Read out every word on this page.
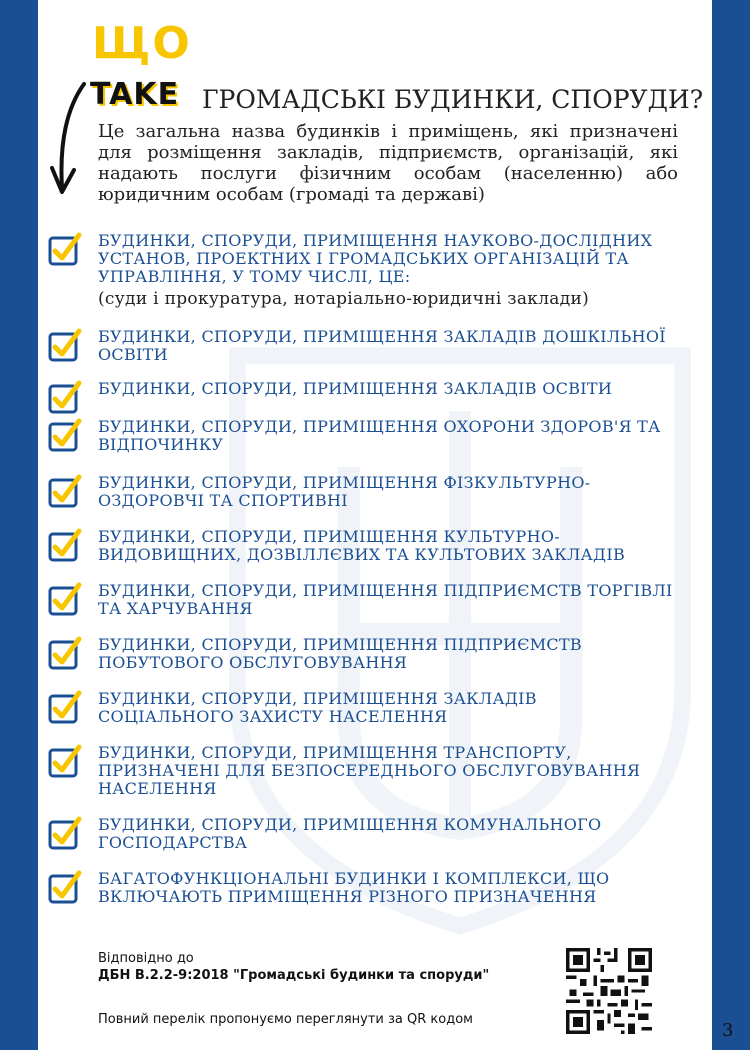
ЩО
TAKE ГРОМАДСЬКІ БУДИНКИ, СПОРУДИ?
Це загальна назва будинків і приміщень, які призначені для розміщення закладів, підприємств, організацій, які надають послуги фізичним особам (населенню) або юридичним особам (громаді та державі)
БУДИНКИ, СПОРУДИ, ПРИМІЩЕННЯ НАУКОВО-ДОСЛІДНИХ УСТАНОВ, ПРОЕКТНИХ І ГРОМАДСЬКИХ ОРГАНІЗАЦІЙ ТА УПРАВЛІННЯ, У ТОМУ ЧИСЛІ, ЦЕ:
(суди і прокуратура, нотаріально-юридичні заклади)
БУДИНКИ, СПОРУДИ, ПРИМІЩЕННЯ ЗАКЛАДІВ ДОШКІЛЬНОЇ ОСВІТИ
БУДИНКИ, СПОРУДИ, ПРИМІЩЕННЯ ЗАКЛАДІВ ОСВІТИ
БУДИНКИ, СПОРУДИ, ПРИМІЩЕННЯ ОХОРОНИ ЗДОРОВ'Я ТА ВІДПОЧИНКУ
БУДИНКИ, СПОРУДИ, ПРИМІЩЕННЯ ФІЗКУЛЬТУРНО-ОЗДОРОВЧІ ТА СПОРТИВНІ
БУДИНКИ, СПОРУДИ, ПРИМІЩЕННЯ КУЛЬТУРНО-ВИДОВИЩНИХ, ДОЗВІЛЛЄВИХ ТА КУЛЬТОВИХ ЗАКЛАДІВ
БУДИНКИ, СПОРУДИ, ПРИМІЩЕННЯ ПІДПРИЄМСТВ ТОРГІВЛІ ТА ХАРЧУВАННЯ
БУДИНКИ, СПОРУДИ, ПРИМІЩЕННЯ ПІДПРИЄМСТВ ПОБУТОВОГО ОБСЛУГОВУВАННЯ
БУДИНКИ, СПОРУДИ, ПРИМІЩЕННЯ ЗАКЛАДІВ СОЦІАЛЬНОГО ЗАХИСТУ НАСЕЛЕННЯ
БУДИНКИ, СПОРУДИ, ПРИМІЩЕННЯ ТРАНСПОРТУ, ПРИЗНАЧЕНІ ДЛЯ БЕЗПОСЕРЕДНЬОГО ОБСЛУГОВУВАННЯ НАСЕЛЕННЯ
БУДИНКИ, СПОРУДИ, ПРИМІЩЕННЯ КОМУНАЛЬНОГО ГОСПОДАРСТВА
БАГАТОФУНКЦІОНАЛЬНІ БУДИНКИ І КОМПЛЕКСИ, ЩО ВКЛЮЧАЮТЬ ПРИМІЩЕННЯ РІЗНОГО ПРИЗНАЧЕННЯ
Відповідно до
ДБН В.2.2-9:2018 "Громадські будинки та споруди"
Повний перелік пропонуємо переглянути за QR кодом
3
